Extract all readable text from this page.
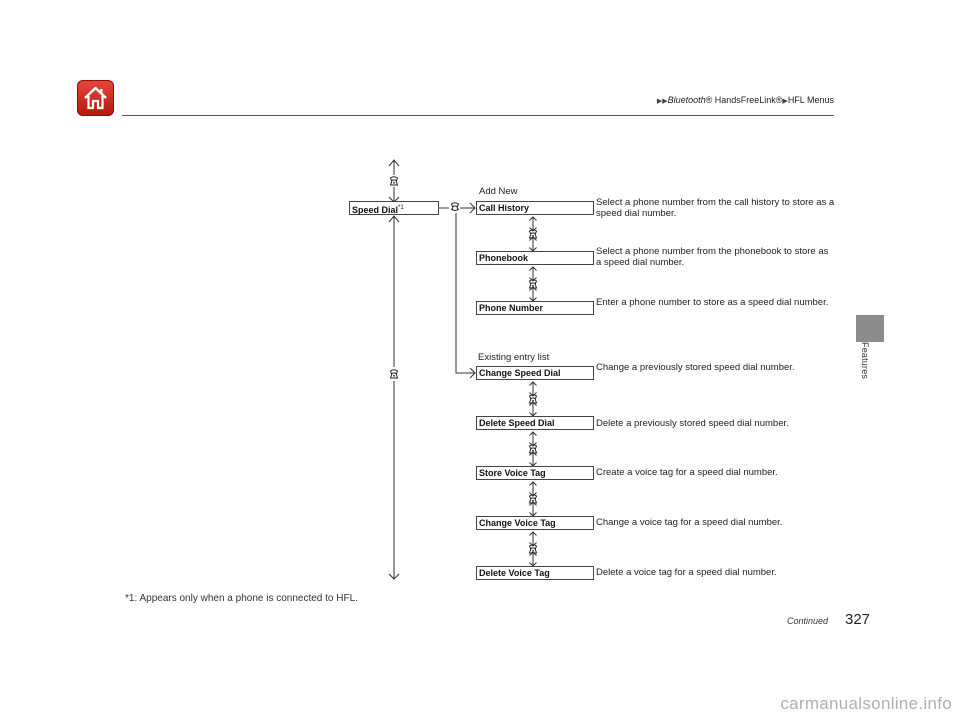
▶▶Bluetooth® HandsFreeLink®▶HFL Menus
Features
Speed Dial$^{*1}$
Add New
Existing entry list
Call History
Phonebook
Phone Number
Change Speed Dial
Delete Speed Dial
Store Voice Tag
Change Voice Tag
Delete Voice Tag
Select a phone number from the call history to store as a speed dial number.
Select a phone number from the phonebook to store as a speed dial number.
Enter a phone number to store as a speed dial number.
Change a previously stored speed dial number.
Delete a previously stored speed dial number.
Create a voice tag for a speed dial number.
Change a voice tag for a speed dial number.
Delete a voice tag for a speed dial number.
*1: Appears only when a phone is connected to HFL.
Continued 327
carmanualsonline.info
